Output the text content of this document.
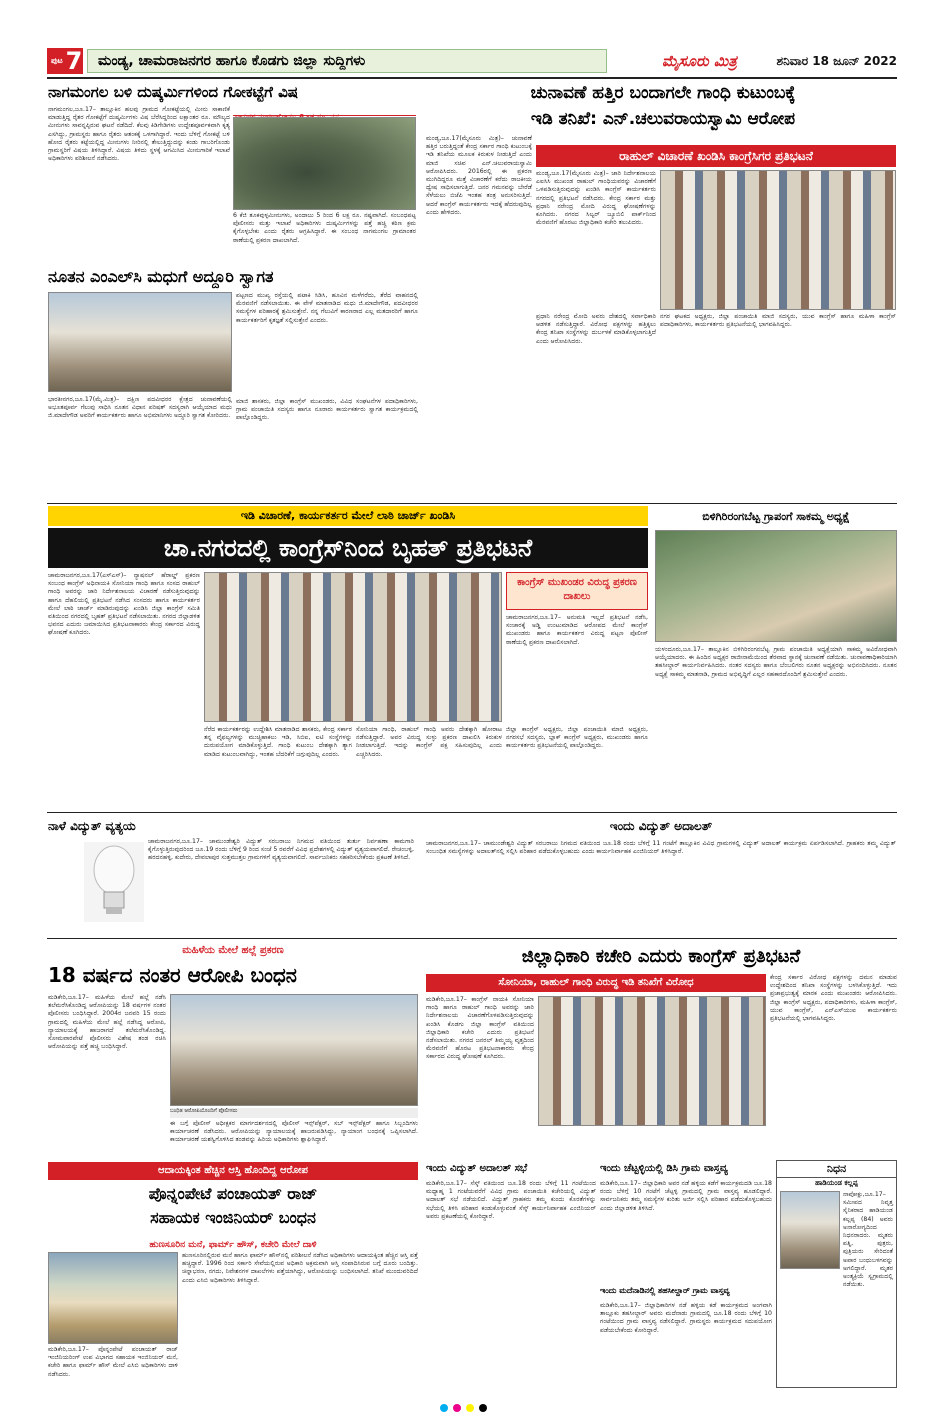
ಪುಟ 7 ಮಂಡ್ಯ, ಚಾಮರಾಜನಗರ ಹಾಗೂ ಕೊಡಗು ಜಿಲ್ಲಾ ಸುದ್ದಿಗಳು	ಮೈಸೂರು ಮಿತ್ರ	ಶನಿವಾರ 18 ಜೂನ್ 2022
ನಾಗಮಂಗಲ ಬಳಿ ದುಷ್ಕರ್ಮಿಗಳಿಂದ ಗೋಕಟ್ಟೆಗೆ ವಿಷ
ನಾಗಮಂಗಲ,ಜೂ.17– ತಾಲ್ಲೂಕಿನ ಹಲವು ಗ್ರಾಮದ ಗೋಕಟ್ಟೆಯಲ್ಲಿ ಮೀನು ಸಾಕಾಣಿಕೆ ಮಾಡುತ್ತಿದ್ದ ರೈತರ ಗೋಕಟ್ಟೆಗೆ ದುಷ್ಕರ್ಮಿಗಳು ವಿಷ ಬೆರೆಸಿದ್ದರಿಂದ ಲಕ್ಷಾಂತರ ರೂ. ಮೌಲ್ಯದ ಮೀನುಗಳು ಸಾವನ್ನಪ್ಪಿರುವ ಘಟನೆ ನಡೆದಿದೆ. ಕೆಲವು ಕಿಡಿಗೇಡಿಗಳು ಉದ್ದೇಶಪೂರ್ವಕವಾಗಿ ಕೃತ್ಯ ಎಸಗಿದ್ದು, ಗ್ರಾಮಸ್ಥರು ಹಾಗೂ ರೈತರು ಆತಂಕಕ್ಕೆ ಒಳಗಾಗಿದ್ದಾರೆ. ಇಂದು ಬೆಳಿಗ್ಗೆ ಗೋಕಟ್ಟೆ ಬಳಿ ಹೋದ ರೈತರು ಕಟ್ಟೆಯಲ್ಲಿದ್ದ ಮೀನುಗಳು ನೀರಿನಲ್ಲಿ ತೇಲುತ್ತಿದ್ದುದನ್ನು ಕಂಡು ಗಾಬರಿಗೊಂಡು ಗ್ರಾಮಸ್ಥರಿಗೆ ವಿಷಯ ತಿಳಿಸಿದ್ದಾರೆ. ವಿಷಯ ತಿಳಿದು ಸ್ಥಳಕ್ಕೆ ಆಗಮಿಸಿದ ಮೀನುಗಾರಿಕೆ ಇಲಾಖೆ ಅಧಿಕಾರಿಗಳು ಪರಿಶೀಲನೆ ನಡೆಸಿದರು.
6 ಕೆಜಿ ತೂಕವುಳ್ಳಮೀನುಗಳು, ಅಂದಾಜು 5 ರಿಂದ 6 ಲಕ್ಷ ರೂ. ನಷ್ಟವಾಗಿದೆ. ಸಂಬಂಧಪಟ್ಟ ಪೊಲೀಸರು ಮತ್ತು ಇಲಾಖೆ ಅಧಿಕಾರಿಗಳು ದುಷ್ಕರ್ಮಿಗಳನ್ನು ಪತ್ತೆ ಹಚ್ಚಿ ಕಠಿಣ ಕ್ರಮ ಕೈಗೊಳ್ಳಬೇಕು ಎಂದು ರೈತರು ಆಗ್ರಹಿಸಿದ್ದಾರೆ. ಈ ಸಂಬಂಧ ನಾಗಮಂಗಲ ಗ್ರಾಮಾಂತರ ಠಾಣೆಯಲ್ಲಿ ಪ್ರಕರಣ ದಾಖಲಾಗಿದೆ.
ಚುನಾವಣೆ ಹತ್ತಿರ ಬಂದಾಗಲೇ ಗಾಂಧಿ ಕುಟುಂಬಕ್ಕೆ
ಇಡಿ ತನಿಖೆ: ಎನ್.ಚಲುವರಾಯಸ್ವಾಮಿ ಆರೋಪ
ಮಂಡ್ಯ,ಜೂ.17(ಮೈಸೂರು ಮಿತ್ರ)– ಚುನಾವಣೆ ಹತ್ತಿರ ಬರುತ್ತಿದ್ದಂತೆ ಕೇಂದ್ರ ಸರ್ಕಾರ ಗಾಂಧಿ ಕುಟುಂಬಕ್ಕೆ ಇಡಿ ತನಿಖೆಯ ಮೂಲಕ ಕಿರುಕುಳ ನೀಡುತ್ತಿದೆ ಎಂದು ಮಾಜಿ ಸಚಿವ ಎನ್.ಚಲುವರಾಯಸ್ವಾಮಿ ಆರೋಪಿಸಿದರು. 2016ರಲ್ಲಿ ಈ ಪ್ರಕರಣ ಮುಗಿದಿದ್ದರೂ ಮತ್ತೆ ವಿಚಾರಣೆಗೆ ಕರೆದು ರಾಜಕೀಯ ದ್ವೇಷ ಸಾಧಿಸಲಾಗುತ್ತಿದೆ. ಜನರ ಗಮನವನ್ನು ಬೇರೆಡೆ ಸೆಳೆಯಲು ಬಿಜೆಪಿ ಇಂತಹ ತಂತ್ರ ಅನುಸರಿಸುತ್ತಿದೆ. ಆದರೆ ಕಾಂಗ್ರೆಸ್ ಕಾರ್ಯಕರ್ತರು ಇದಕ್ಕೆ ಹೆದರುವುದಿಲ್ಲ ಎಂದು ಹೇಳಿದರು.
ರಾಹುಲ್ ವಿಚಾರಣೆ ಖಂಡಿಸಿ ಕಾಂಗ್ರೆಸಿಗರ ಪ್ರತಿಭಟನೆ
ಮಂಡ್ಯ,ಜೂ.17(ಮೈಸೂರು ಮಿತ್ರ)– ಜಾರಿ ನಿರ್ದೇಶನಾಲಯ ಎಐಸಿಸಿ ಮುಖಂಡ ರಾಹುಲ್ ಗಾಂಧಿಯವರನ್ನು ವಿಚಾರಣೆಗೆ ಒಳಪಡಿಸುತ್ತಿರುವುದನ್ನು ಖಂಡಿಸಿ ಕಾಂಗ್ರೆಸ್ ಕಾರ್ಯಕರ್ತರು ನಗರದಲ್ಲಿ ಪ್ರತಿಭಟನೆ ನಡೆಸಿದರು. ಕೇಂದ್ರ ಸರ್ಕಾರ ಮತ್ತು ಪ್ರಧಾನಿ ನರೇಂದ್ರ ಮೋದಿ ವಿರುದ್ಧ ಘೋಷಣೆಗಳನ್ನು ಕೂಗಿದರು. ನಗರದ ಸಿಲ್ವರ್ ಜ್ಯೂಬಿಲಿ ಪಾರ್ಕ್‌ನಿಂದ ಮೆರವಣಿಗೆ ಹೊರಟು ಜಿಲ್ಲಾಧಿಕಾರಿ ಕಚೇರಿ ತಲುಪಿದರು.
ಪ್ರಧಾನಿ ನರೇಂದ್ರ ಮೋದಿ ಅವರು ದೇಶದಲ್ಲಿ ಸರ್ವಾಧಿಕಾರಿ ಆಡಳಿತ ನಡೆಸುತ್ತಿದ್ದಾರೆ. ವಿರೋಧ ಪಕ್ಷಗಳನ್ನು ಹತ್ತಿಕ್ಕಲು ಕೇಂದ್ರ ತನಿಖಾ ಸಂಸ್ಥೆಗಳನ್ನು ದುರ್ಬಳಕೆ ಮಾಡಿಕೊಳ್ಳಲಾಗುತ್ತಿದೆ ಎಂದು ಆರೋಪಿಸಿದರು.
ನಗರ ಘಟಕದ ಅಧ್ಯಕ್ಷರು, ಜಿಲ್ಲಾ ಪಂಚಾಯಿತಿ ಮಾಜಿ ಸದಸ್ಯರು, ಯುವ ಕಾಂಗ್ರೆಸ್ ಹಾಗೂ ಮಹಿಳಾ ಕಾಂಗ್ರೆಸ್ ಪದಾಧಿಕಾರಿಗಳು, ಕಾರ್ಯಕರ್ತರು ಪ್ರತಿಭಟನೆಯಲ್ಲಿ ಭಾಗವಹಿಸಿದ್ದರು.
ನೂತನ ಎಂಎಲ್‌ಸಿ ಮಧುಗೆ ಅದ್ದೂರಿ ಸ್ವಾಗತ
ಭಾರತೀನಗರ,ಜೂ.17(ಮೈ.ಮಿತ್ರ)– ದಕ್ಷಿಣ ಪದವೀಧರರ ಕ್ಷೇತ್ರದ ಚುನಾವಣೆಯಲ್ಲಿ ಅಭೂತಪೂರ್ವ ಗೆಲುವು ಸಾಧಿಸಿ ನೂತನ ವಿಧಾನ ಪರಿಷತ್ ಸದಸ್ಯರಾಗಿ ಆಯ್ಕೆಯಾದ ಮಧು ಜಿ.ಮಾದೇಗೌಡ ಅವರಿಗೆ ಕಾರ್ಯಕರ್ತರು ಹಾಗೂ ಅಭಿಮಾನಿಗಳು ಅದ್ದೂರಿ ಸ್ವಾಗತ ಕೋರಿದರು.
ಪಟ್ಟಣದ ಮುಖ್ಯ ರಸ್ತೆಯಲ್ಲಿ ಪಟಾಕಿ ಸಿಡಿಸಿ, ಹೂವಿನ ಮಳೆಗರೆದು, ತೆರೆದ ವಾಹನದಲ್ಲಿ ಮೆರವಣಿಗೆ ನಡೆಸಲಾಯಿತು. ಈ ವೇಳೆ ಮಾತನಾಡಿದ ಮಧು ಜಿ.ಮಾದೇಗೌಡ, ಪದವೀಧರರ ಸಮಸ್ಯೆಗಳ ಪರಿಹಾರಕ್ಕೆ ಶ್ರಮಿಸುತ್ತೇನೆ. ನನ್ನ ಗೆಲುವಿಗೆ ಕಾರಣರಾದ ಎಲ್ಲ ಮತದಾರರಿಗೆ ಹಾಗೂ ಕಾರ್ಯಕರ್ತರಿಗೆ ಕೃತಜ್ಞತೆ ಸಲ್ಲಿಸುತ್ತೇನೆ ಎಂದರು.
ಮಾಜಿ ಶಾಸಕರು, ಜಿಲ್ಲಾ ಕಾಂಗ್ರೆಸ್ ಮುಖಂಡರು, ವಿವಿಧ ಸಂಘಟನೆಗಳ ಪದಾಧಿಕಾರಿಗಳು, ಗ್ರಾಮ ಪಂಚಾಯಿತಿ ಸದಸ್ಯರು ಹಾಗೂ ನೂರಾರು ಕಾರ್ಯಕರ್ತರು ಸ್ವಾಗತ ಕಾರ್ಯಕ್ರಮದಲ್ಲಿ ಪಾಲ್ಗೊಂಡಿದ್ದರು.
ಇಡಿ ವಿಚಾರಣೆ, ಕಾರ್ಯಕರ್ತರ ಮೇಲೆ ಲಾಠಿ ಚಾರ್ಜ್ ಖಂಡಿಸಿ
ಚಾ.ನಗರದಲ್ಲಿ ಕಾಂಗ್ರೆಸ್‌ನಿಂದ ಬೃಹತ್ ಪ್ರತಿಭಟನೆ
ಚಾಮರಾಜನಗರ,ಜೂ.17(ಎಸ್‌ಎಸ್)– ನ್ಯಾಷನಲ್ ಹೆರಾಲ್ಡ್ ಪ್ರಕರಣ ಸಂಬಂಧ ಕಾಂಗ್ರೆಸ್ ಅಧಿನಾಯಕಿ ಸೋನಿಯಾ ಗಾಂಧಿ ಹಾಗೂ ಸಂಸದ ರಾಹುಲ್ ಗಾಂಧಿ ಅವರನ್ನು ಜಾರಿ ನಿರ್ದೇಶನಾಲಯ ವಿಚಾರಣೆ ನಡೆಸುತ್ತಿರುವುದನ್ನು ಹಾಗೂ ದೆಹಲಿಯಲ್ಲಿ ಪ್ರತಿಭಟನೆ ನಡೆಸಿದ ಸಂಸದರು ಹಾಗೂ ಕಾರ್ಯಕರ್ತರ ಮೇಲೆ ಲಾಠಿ ಚಾರ್ಜ್ ಮಾಡಿರುವುದನ್ನು ಖಂಡಿಸಿ ಜಿಲ್ಲಾ ಕಾಂಗ್ರೆಸ್ ಸಮಿತಿ ವತಿಯಿಂದ ನಗರದಲ್ಲಿ ಬೃಹತ್ ಪ್ರತಿಭಟನೆ ನಡೆಸಲಾಯಿತು. ನಗರದ ಜಿಲ್ಲಾಡಳಿತ ಭವನದ ಎದುರು ಜಮಾಯಿಸಿದ ಪ್ರತಿಭಟನಾಕಾರರು ಕೇಂದ್ರ ಸರ್ಕಾರದ ವಿರುದ್ಧ ಘೋಷಣೆ ಕೂಗಿದರು.
ಕಾಂಗ್ರೆಸ್ ಮುಖಂಡರ ವಿರುದ್ಧ ಪ್ರಕರಣ ದಾಖಲು
ಚಾಮರಾಜನಗರ,ಜೂ.17– ಅನುಮತಿ ಇಲ್ಲದೆ ಪ್ರತಿಭಟನೆ ನಡೆಸಿ, ಸಂಚಾರಕ್ಕೆ ಅಡ್ಡಿ ಉಂಟುಮಾಡಿದ ಆರೋಪದ ಮೇಲೆ ಕಾಂಗ್ರೆಸ್ ಮುಖಂಡರು ಹಾಗೂ ಕಾರ್ಯಕರ್ತರ ವಿರುದ್ಧ ಪಟ್ಟಣ ಪೊಲೀಸ್ ಠಾಣೆಯಲ್ಲಿ ಪ್ರಕರಣ ದಾಖಲಿಸಲಾಗಿದೆ.
ನೆರೆದ ಕಾರ್ಯಕರ್ತರನ್ನು ಉದ್ದೇಶಿಸಿ ಮಾತನಾಡಿದ ಶಾಸಕರು, ಕೇಂದ್ರ ಸರ್ಕಾರ ತನ್ನ ವೈಫಲ್ಯಗಳನ್ನು ಮುಚ್ಚಿಹಾಕಲು ಇಡಿ, ಸಿಬಿಐ, ಐಟಿ ಸಂಸ್ಥೆಗಳನ್ನು ದುರುಪಯೋಗ ಮಾಡಿಕೊಳ್ಳುತ್ತಿದೆ. ಗಾಂಧಿ ಕುಟುಂಬ ದೇಶಕ್ಕಾಗಿ ತ್ಯಾಗ ಮಾಡಿದ ಕುಟುಂಬವಾಗಿದ್ದು, ಇಂತಹ ಬೆದರಿಕೆಗೆ ಜಗ್ಗುವುದಿಲ್ಲ ಎಂದರು.
ಸೋನಿಯಾ ಗಾಂಧಿ, ರಾಹುಲ್ ಗಾಂಧಿ ಅವರು ದೇಶಕ್ಕಾಗಿ ಹೋರಾಟ ನಡೆಸುತ್ತಿದ್ದಾರೆ. ಅವರ ವಿರುದ್ಧ ಸುಳ್ಳು ಪ್ರಕರಣ ದಾಖಲಿಸಿ ಕಿರುಕುಳ ನೀಡಲಾಗುತ್ತಿದೆ. ಇದನ್ನು ಕಾಂಗ್ರೆಸ್ ಪಕ್ಷ ಸಹಿಸುವುದಿಲ್ಲ ಎಂದು ಎಚ್ಚರಿಸಿದರು.
ಜಿಲ್ಲಾ ಕಾಂಗ್ರೆಸ್ ಅಧ್ಯಕ್ಷರು, ಜಿಲ್ಲಾ ಪಂಚಾಯಿತಿ ಮಾಜಿ ಅಧ್ಯಕ್ಷರು, ನಗರಸಭೆ ಸದಸ್ಯರು, ಬ್ಲಾಕ್ ಕಾಂಗ್ರೆಸ್ ಅಧ್ಯಕ್ಷರು, ಮುಖಂಡರು ಹಾಗೂ ಕಾರ್ಯಕರ್ತರು ಪ್ರತಿಭಟನೆಯಲ್ಲಿ ಪಾಲ್ಗೊಂಡಿದ್ದರು.
ಬಿಳಿಗಿರಿರಂಗಬೆಟ್ಟ ಗ್ರಾಪಂಗೆ ಸಾಕಮ್ಮ ಅಧ್ಯಕ್ಷೆ
ಯಳಂದೂರು,ಜೂ.17– ತಾಲ್ಲೂಕಿನ ಬಿಳಿಗಿರಿರಂಗನಬೆಟ್ಟ ಗ್ರಾಮ ಪಂಚಾಯಿತಿ ಅಧ್ಯಕ್ಷೆಯಾಗಿ ಸಾಕಮ್ಮ ಅವಿರೋಧವಾಗಿ ಆಯ್ಕೆಯಾದರು. ಈ ಹಿಂದಿನ ಅಧ್ಯಕ್ಷರ ರಾಜೀನಾಮೆಯಿಂದ ತೆರವಾದ ಸ್ಥಾನಕ್ಕೆ ಚುನಾವಣೆ ನಡೆಯಿತು. ಚುನಾವಣಾಧಿಕಾರಿಯಾಗಿ ತಹಸೀಲ್ದಾರ್ ಕಾರ್ಯನಿರ್ವಹಿಸಿದರು. ನಂತರ ಸದಸ್ಯರು ಹಾಗೂ ಬೆಂಬಲಿಗರು ನೂತನ ಅಧ್ಯಕ್ಷರನ್ನು ಅಭಿನಂದಿಸಿದರು. ನೂತನ ಅಧ್ಯಕ್ಷೆ ಸಾಕಮ್ಮ ಮಾತನಾಡಿ, ಗ್ರಾಮದ ಅಭಿವೃದ್ಧಿಗೆ ಎಲ್ಲರ ಸಹಕಾರದೊಂದಿಗೆ ಶ್ರಮಿಸುತ್ತೇನೆ ಎಂದರು.
ನಾಳೆ ವಿದ್ಯುತ್ ವ್ಯತ್ಯಯ
ಚಾಮರಾಜನಗರ,ಜೂ.17– ಚಾಮುಂಡೇಶ್ವರಿ ವಿದ್ಯುತ್ ಸರಬರಾಜು ನಿಗಮದ ವತಿಯಿಂದ ತುರ್ತು ನಿರ್ವಹಣಾ ಕಾಮಗಾರಿ ಕೈಗೊಳ್ಳುತ್ತಿರುವುದರಿಂದ ಜೂ.19 ರಂದು ಬೆಳಿಗ್ಗೆ 9 ರಿಂದ ಸಂಜೆ 5 ರವರೆಗೆ ವಿವಿಧ ಪ್ರದೇಶಗಳಲ್ಲಿ ವಿದ್ಯುತ್ ವ್ಯತ್ಯಯವಾಗಲಿದೆ. ರೇಚಂಬಳ್ಳಿ, ಹರದನಹಳ್ಳಿ, ಕುದೇರು, ದೇವಲಾಪುರ ಸುತ್ತಮುತ್ತಲ ಗ್ರಾಮಗಳಿಗೆ ವ್ಯತ್ಯಯವಾಗಲಿದೆ. ಸಾರ್ವಜನಿಕರು ಸಹಕರಿಸಬೇಕೆಂದು ಪ್ರಕಟಣೆ ತಿಳಿಸಿದೆ.
ಇಂದು ವಿದ್ಯುತ್ ಅದಾಲತ್
ಚಾಮರಾಜನಗರ,ಜೂ.17– ಚಾಮುಂಡೇಶ್ವರಿ ವಿದ್ಯುತ್ ಸರಬರಾಜು ನಿಗಮದ ವತಿಯಿಂದ ಜೂ.18 ರಂದು ಬೆಳಿಗ್ಗೆ 11 ಗಂಟೆಗೆ ತಾಲ್ಲೂಕಿನ ವಿವಿಧ ಗ್ರಾಮಗಳಲ್ಲಿ ವಿದ್ಯುತ್ ಅದಾಲತ್ ಕಾರ್ಯಕ್ರಮ ಏರ್ಪಡಿಸಲಾಗಿದೆ. ಗ್ರಾಹಕರು ತಮ್ಮ ವಿದ್ಯುತ್ ಸಂಬಂಧಿತ ಸಮಸ್ಯೆಗಳನ್ನು ಅದಾಲತ್‌ನಲ್ಲಿ ಸಲ್ಲಿಸಿ ಪರಿಹಾರ ಪಡೆದುಕೊಳ್ಳಬಹುದು ಎಂದು ಕಾರ್ಯನಿರ್ವಾಹಕ ಎಂಜಿನಿಯರ್ ತಿಳಿಸಿದ್ದಾರೆ.
ಮಹಿಳೆಯ ಮೇಲೆ ಹಲ್ಲೆ ಪ್ರಕರಣ
18 ವರ್ಷದ ನಂತರ ಆರೋಪಿ ಬಂಧನ
ಮಡಿಕೇರಿ,ಜೂ.17– ಮಹಿಳೆಯ ಮೇಲೆ ಹಲ್ಲೆ ನಡೆಸಿ ತಲೆಮರೆಸಿಕೊಂಡಿದ್ದ ಆರೋಪಿಯನ್ನು 18 ವರ್ಷಗಳ ನಂತರ ಪೊಲೀಸರು ಬಂಧಿಸಿದ್ದಾರೆ. 2004ರ ಜನವರಿ 15 ರಂದು ಗ್ರಾಮದಲ್ಲಿ ಮಹಿಳೆಯ ಮೇಲೆ ಹಲ್ಲೆ ನಡೆಸಿದ್ದ ಆರೋಪಿ, ನ್ಯಾಯಾಲಯಕ್ಕೆ ಹಾಜರಾಗದೆ ತಲೆಮರೆಸಿಕೊಂಡಿದ್ದ. ಸೋಮವಾರಪೇಟೆ ಪೊಲೀಸರು ವಿಶೇಷ ತಂಡ ರಚಿಸಿ ಆರೋಪಿಯನ್ನು ಪತ್ತೆ ಹಚ್ಚಿ ಬಂಧಿಸಿದ್ದಾರೆ.
ಬಂಧಿತ ಆರೋಪಿಯೊಂದಿಗೆ ಪೊಲೀಸರು
ಈ ಬಗ್ಗೆ ಪೊಲೀಸ್ ಅಧೀಕ್ಷಕರ ಮಾರ್ಗದರ್ಶನದಲ್ಲಿ ಪೊಲೀಸ್ ಇನ್ಸ್‌ಪೆಕ್ಟರ್, ಸಬ್ ಇನ್ಸ್‌ಪೆಕ್ಟರ್ ಹಾಗೂ ಸಿಬ್ಬಂದಿಗಳು ಕಾರ್ಯಾಚರಣೆ ನಡೆಸಿದರು. ಆರೋಪಿಯನ್ನು ನ್ಯಾಯಾಲಯಕ್ಕೆ ಹಾಜರುಪಡಿಸಿದ್ದು, ನ್ಯಾಯಾಂಗ ಬಂಧನಕ್ಕೆ ಒಪ್ಪಿಸಲಾಗಿದೆ. ಕಾರ್ಯಾಚರಣೆ ಯಶಸ್ವಿಗೊಳಿಸಿದ ತಂಡವನ್ನು ಹಿರಿಯ ಅಧಿಕಾರಿಗಳು ಶ್ಲಾಘಿಸಿದ್ದಾರೆ.
ಆದಾಯಕ್ಕಿಂತ ಹೆಚ್ಚಿನ ಆಸ್ತಿ ಹೊಂದಿದ್ದ ಆರೋಪ
ಪೊನ್ನಂಪೇಟೆ ಪಂಚಾಯತ್ ರಾಜ್
ಸಹಾಯಕ ಇಂಜಿನಿಯರ್ ಬಂಧನ
ಹುಣಸೂರಿನ ಮನೆ, ಫಾರ್ಮ್ ಹೌಸ್, ಕಚೇರಿ ಮೇಲೆ ದಾಳಿ
ಮಡಿಕೇರಿ,ಜೂ.17– ಪೊನ್ನಂಪೇಟೆ ಪಂಚಾಯತ್ ರಾಜ್ ಇಂಜಿನಿಯರಿಂಗ್ ಉಪ ವಿಭಾಗದ ಸಹಾಯಕ ಇಂಜಿನಿಯರ್ ಮನೆ, ಕಚೇರಿ ಹಾಗೂ ಫಾರ್ಮ್ ಹೌಸ್ ಮೇಲೆ ಎಸಿಬಿ ಅಧಿಕಾರಿಗಳು ದಾಳಿ ನಡೆಸಿದರು.
ಹುಣಸೂರಿನಲ್ಲಿರುವ ಮನೆ ಹಾಗೂ ಫಾರ್ಮ್ ಹೌಸ್‌ನಲ್ಲಿ ಪರಿಶೀಲನೆ ನಡೆಸಿದ ಅಧಿಕಾರಿಗಳು ಆದಾಯಕ್ಕಿಂತ ಹೆಚ್ಚಿನ ಆಸ್ತಿ ಪತ್ತೆ ಹಚ್ಚಿದ್ದಾರೆ. 1996 ರಿಂದ ಸರ್ಕಾರಿ ಸೇವೆಯಲ್ಲಿರುವ ಅಧಿಕಾರಿ ಅಕ್ರಮವಾಗಿ ಆಸ್ತಿ ಸಂಪಾದಿಸಿರುವ ಬಗ್ಗೆ ದೂರು ಬಂದಿತ್ತು. ಚಿನ್ನಾಭರಣ, ನಗದು, ನಿವೇಶನಗಳ ದಾಖಲೆಗಳು ಪತ್ತೆಯಾಗಿದ್ದು, ಆರೋಪಿಯನ್ನು ಬಂಧಿಸಲಾಗಿದೆ. ತನಿಖೆ ಮುಂದುವರಿದಿದೆ ಎಂದು ಎಸಿಬಿ ಅಧಿಕಾರಿಗಳು ತಿಳಿಸಿದ್ದಾರೆ.
ಜಿಲ್ಲಾಧಿಕಾರಿ ಕಚೇರಿ ಎದುರು ಕಾಂಗ್ರೆಸ್ ಪ್ರತಿಭಟನೆ
ಸೋನಿಯಾ, ರಾಹುಲ್ ಗಾಂಧಿ ವಿರುದ್ಧ ಇಡಿ ತನಿಖೆಗೆ ವಿರೋಧ
ಮಡಿಕೇರಿ,ಜೂ.17– ಕಾಂಗ್ರೆಸ್ ನಾಯಕಿ ಸೋನಿಯಾ ಗಾಂಧಿ ಹಾಗೂ ರಾಹುಲ್ ಗಾಂಧಿ ಅವರನ್ನು ಜಾರಿ ನಿರ್ದೇಶನಾಲಯ ವಿಚಾರಣೆಗೊಳಪಡಿಸುತ್ತಿರುವುದನ್ನು ಖಂಡಿಸಿ ಕೊಡಗು ಜಿಲ್ಲಾ ಕಾಂಗ್ರೆಸ್ ವತಿಯಿಂದ ಜಿಲ್ಲಾಧಿಕಾರಿ ಕಚೇರಿ ಎದುರು ಪ್ರತಿಭಟನೆ ನಡೆಸಲಾಯಿತು. ನಗರದ ಜನರಲ್ ತಿಮ್ಮಯ್ಯ ವೃತ್ತದಿಂದ ಮೆರವಣಿಗೆ ಹೊರಟ ಪ್ರತಿಭಟನಾಕಾರರು ಕೇಂದ್ರ ಸರ್ಕಾರದ ವಿರುದ್ಧ ಘೋಷಣೆ ಕೂಗಿದರು.
ಕೇಂದ್ರ ಸರ್ಕಾರ ವಿರೋಧ ಪಕ್ಷಗಳನ್ನು ದಮನ ಮಾಡುವ ಉದ್ದೇಶದಿಂದ ತನಿಖಾ ಸಂಸ್ಥೆಗಳನ್ನು ಬಳಸಿಕೊಳ್ಳುತ್ತಿದೆ. ಇದು ಪ್ರಜಾಪ್ರಭುತ್ವಕ್ಕೆ ಮಾರಕ ಎಂದು ಮುಖಂಡರು ಆರೋಪಿಸಿದರು. ಜಿಲ್ಲಾ ಕಾಂಗ್ರೆಸ್ ಅಧ್ಯಕ್ಷರು, ಪದಾಧಿಕಾರಿಗಳು, ಮಹಿಳಾ ಕಾಂಗ್ರೆಸ್, ಯುವ ಕಾಂಗ್ರೆಸ್, ಎನ್‌ಎಸ್‌ಯುಐ ಕಾರ್ಯಕರ್ತರು ಪ್ರತಿಭಟನೆಯಲ್ಲಿ ಭಾಗವಹಿಸಿದ್ದರು.
ನಿಧನ
ಹಾಡಿಯಂಡ ಕಲ್ಲಪ್ಪ
ನಾಪೋಕ್ಲು,ಜೂ.17– ಸಮೀಪದ ನಿವೃತ್ತ ಸೈನಿಕರಾದ ಹಾಡಿಯಂಡ ಕಲ್ಲಪ್ಪ (84) ಅವರು ಅನಾರೋಗ್ಯದಿಂದ ನಿಧನರಾದರು. ಮೃತರು ಪತ್ನಿ, ಪುತ್ರರು, ಪುತ್ರಿಯರು ಸೇರಿದಂತೆ ಅಪಾರ ಬಂಧುಬಳಗವನ್ನು ಅಗಲಿದ್ದಾರೆ. ಮೃತರ ಅಂತ್ಯಕ್ರಿಯೆ ಸ್ವಗ್ರಾಮದಲ್ಲಿ ನಡೆಯಿತು.
ಇಂದು ವಿದ್ಯುತ್ ಅದಾಲತ್ ಸಭೆ
ಮಡಿಕೇರಿ,ಜೂ.17– ಸೆಸ್ಕ್ ವತಿಯಿಂದ ಜೂ.18 ರಂದು ಬೆಳಿಗ್ಗೆ 11 ಗಂಟೆಯಿಂದ ಮಧ್ಯಾಹ್ನ 1 ಗಂಟೆಯವರೆಗೆ ವಿವಿಧ ಗ್ರಾಮ ಪಂಚಾಯಿತಿ ಕಚೇರಿಯಲ್ಲಿ ವಿದ್ಯುತ್ ಅದಾಲತ್ ಸಭೆ ನಡೆಯಲಿದೆ. ವಿದ್ಯುತ್ ಗ್ರಾಹಕರು ತಮ್ಮ ಕುಂದು ಕೊರತೆಗಳನ್ನು ಸಭೆಯಲ್ಲಿ ತಿಳಿಸಿ ಪರಿಹಾರ ಕಂಡುಕೊಳ್ಳುವಂತೆ ಸೆಸ್ಕ್ ಕಾರ್ಯನಿರ್ವಾಹಕ ಎಂಜಿನಿಯರ್ ಅವರು ಪ್ರಕಟಣೆಯಲ್ಲಿ ಕೋರಿದ್ದಾರೆ.
ಇಂದು ಚೆಟ್ಟಳ್ಳಿಯಲ್ಲಿ ಡಿಸಿ ಗ್ರಾಮ ವಾಸ್ತವ್ಯ
ಮಡಿಕೇರಿ,ಜೂ.17– ಜಿಲ್ಲಾಧಿಕಾರಿ ಅವರ ನಡೆ ಹಳ್ಳಿಯ ಕಡೆಗೆ ಕಾರ್ಯಕ್ರಮದಡಿ ಜೂ.18 ರಂದು ಬೆಳಿಗ್ಗೆ 10 ಗಂಟೆಗೆ ಚೆಟ್ಟಳ್ಳಿ ಗ್ರಾಮದಲ್ಲಿ ಗ್ರಾಮ ವಾಸ್ತವ್ಯ ಹೂಡಲಿದ್ದಾರೆ. ಸಾರ್ವಜನಿಕರು ತಮ್ಮ ಸಮಸ್ಯೆಗಳ ಕುರಿತು ಅರ್ಜಿ ಸಲ್ಲಿಸಿ ಪರಿಹಾರ ಪಡೆದುಕೊಳ್ಳಬಹುದು ಎಂದು ಜಿಲ್ಲಾಡಳಿತ ತಿಳಿಸಿದೆ.
ಇಂದು ಮದೆನಾಡಿನಲ್ಲಿ ತಹಸೀಲ್ದಾರ್ ಗ್ರಾಮ ವಾಸ್ತವ್ಯ
ಮಡಿಕೇರಿ,ಜೂ.17– ಜಿಲ್ಲಾಧಿಕಾರಿಗಳ ನಡೆ ಹಳ್ಳಿಯ ಕಡೆ ಕಾರ್ಯಕ್ರಮದ ಅಂಗವಾಗಿ ತಾಲ್ಲೂಕು ತಹಸೀಲ್ದಾರ್ ಅವರು ಮದೆನಾಡು ಗ್ರಾಮದಲ್ಲಿ ಜೂ.18 ರಂದು ಬೆಳಿಗ್ಗೆ 10 ಗಂಟೆಯಿಂದ ಗ್ರಾಮ ವಾಸ್ತವ್ಯ ನಡೆಸಲಿದ್ದಾರೆ. ಗ್ರಾಮಸ್ಥರು ಕಾರ್ಯಕ್ರಮದ ಸದುಪಯೋಗ ಪಡೆಯಬೇಕೆಂದು ಕೋರಿದ್ದಾರೆ.
